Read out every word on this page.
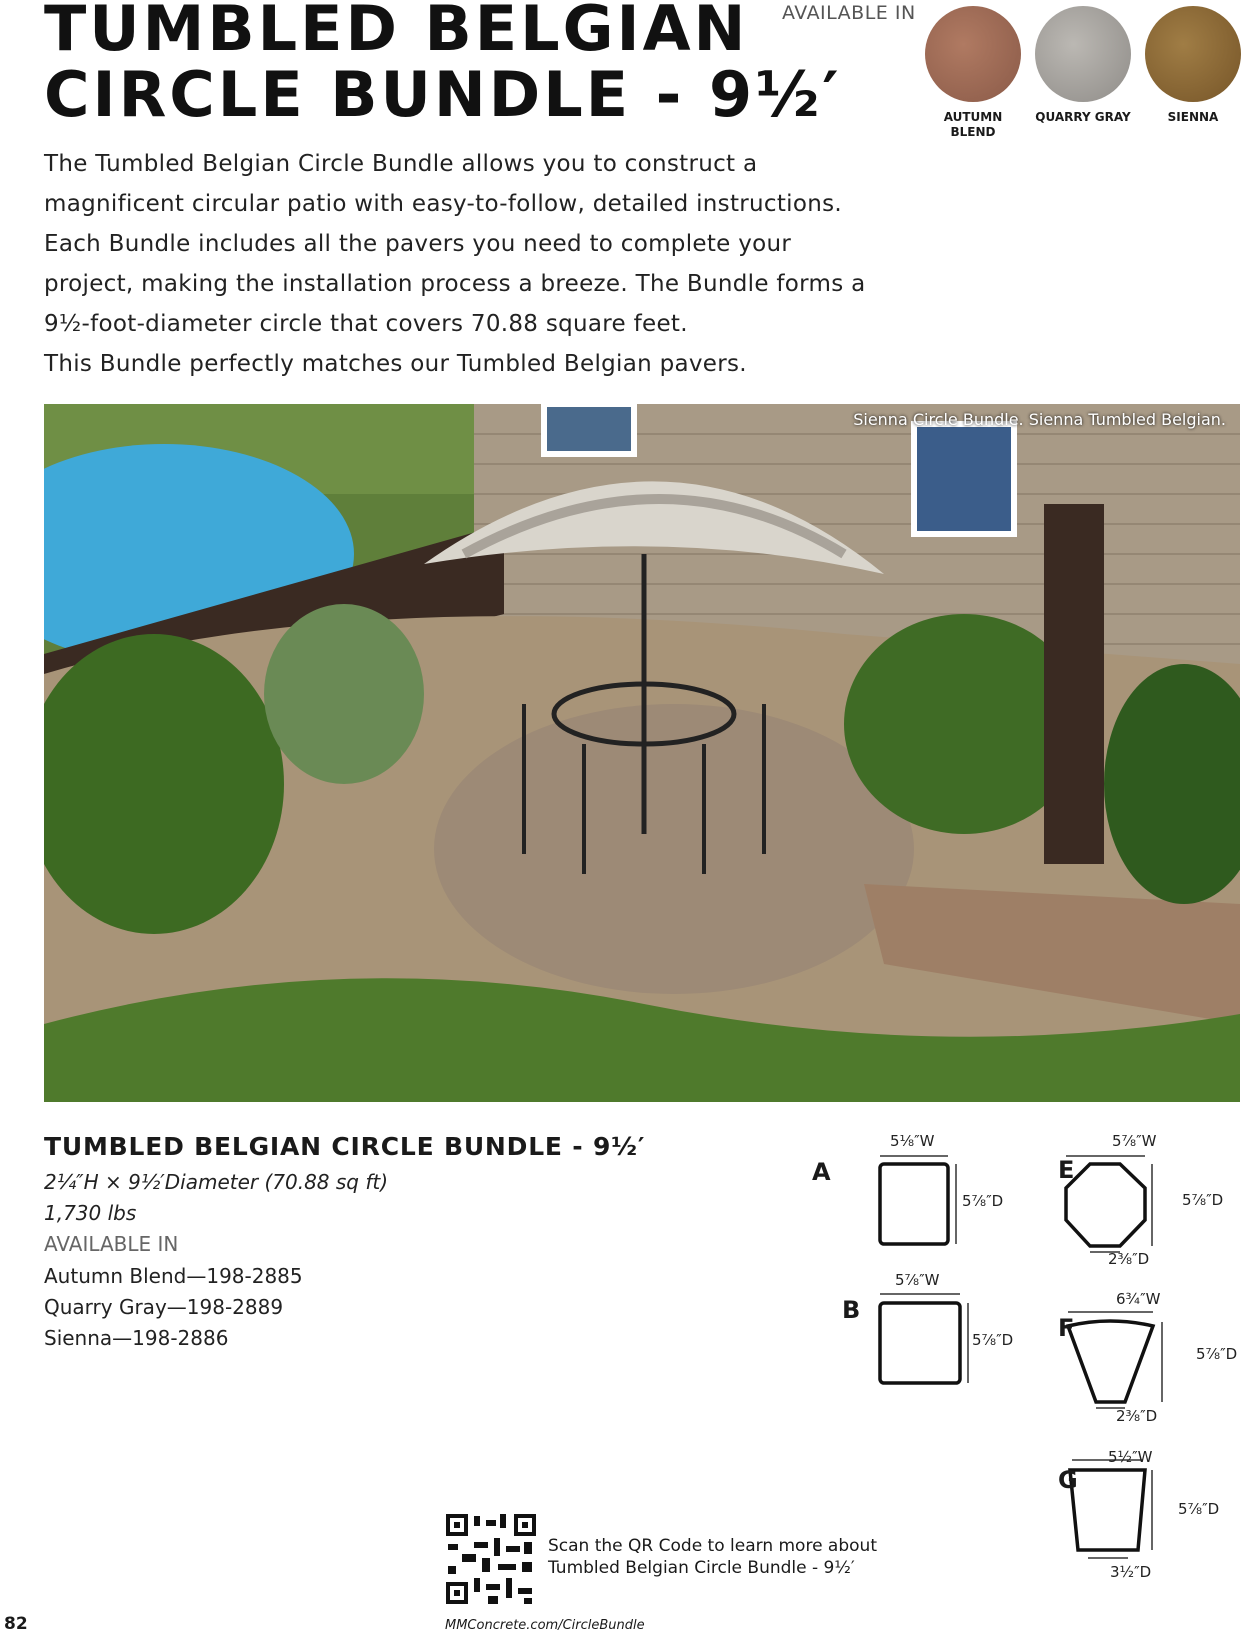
TUMBLED BELGIAN
CIRCLE BUNDLE - 9½′
AVAILABLE IN
AUTUMN BLEND
QUARRY GRAY	SIENNA
The Tumbled Belgian Circle Bundle allows you to construct a
magnificent circular patio with easy-to-follow, detailed instructions.
Each Bundle includes all the pavers you need to complete your
project, making the installation process a breeze. The Bundle forms a
9½-foot-diameter circle that covers 70.88 square feet.
This Bundle perfectly matches our Tumbled Belgian pavers.
Sienna Circle Bundle. Sienna Tumbled Belgian.
TUMBLED BELGIAN CIRCLE BUNDLE - 9½′
2¼″H × 9½′Diameter (70.88 sq ft)
1,730 lbs
AVAILABLE IN
Autumn Blend—198-2885
Quarry Gray—198-2889
Sienna—198-2886
A
5⅛″W
5⅞″D
B
5⅞″W
5⅞″D
E
5⅞″W
5⅞″D
2⅜″D
F
6¾″W
5⅞″D
2⅜″D
G
5½″W
5⅞″D
3½″D
Scan the QR Code to learn more about
Tumbled Belgian Circle Bundle - 9½′
MMConcrete.com/CircleBundle
82
